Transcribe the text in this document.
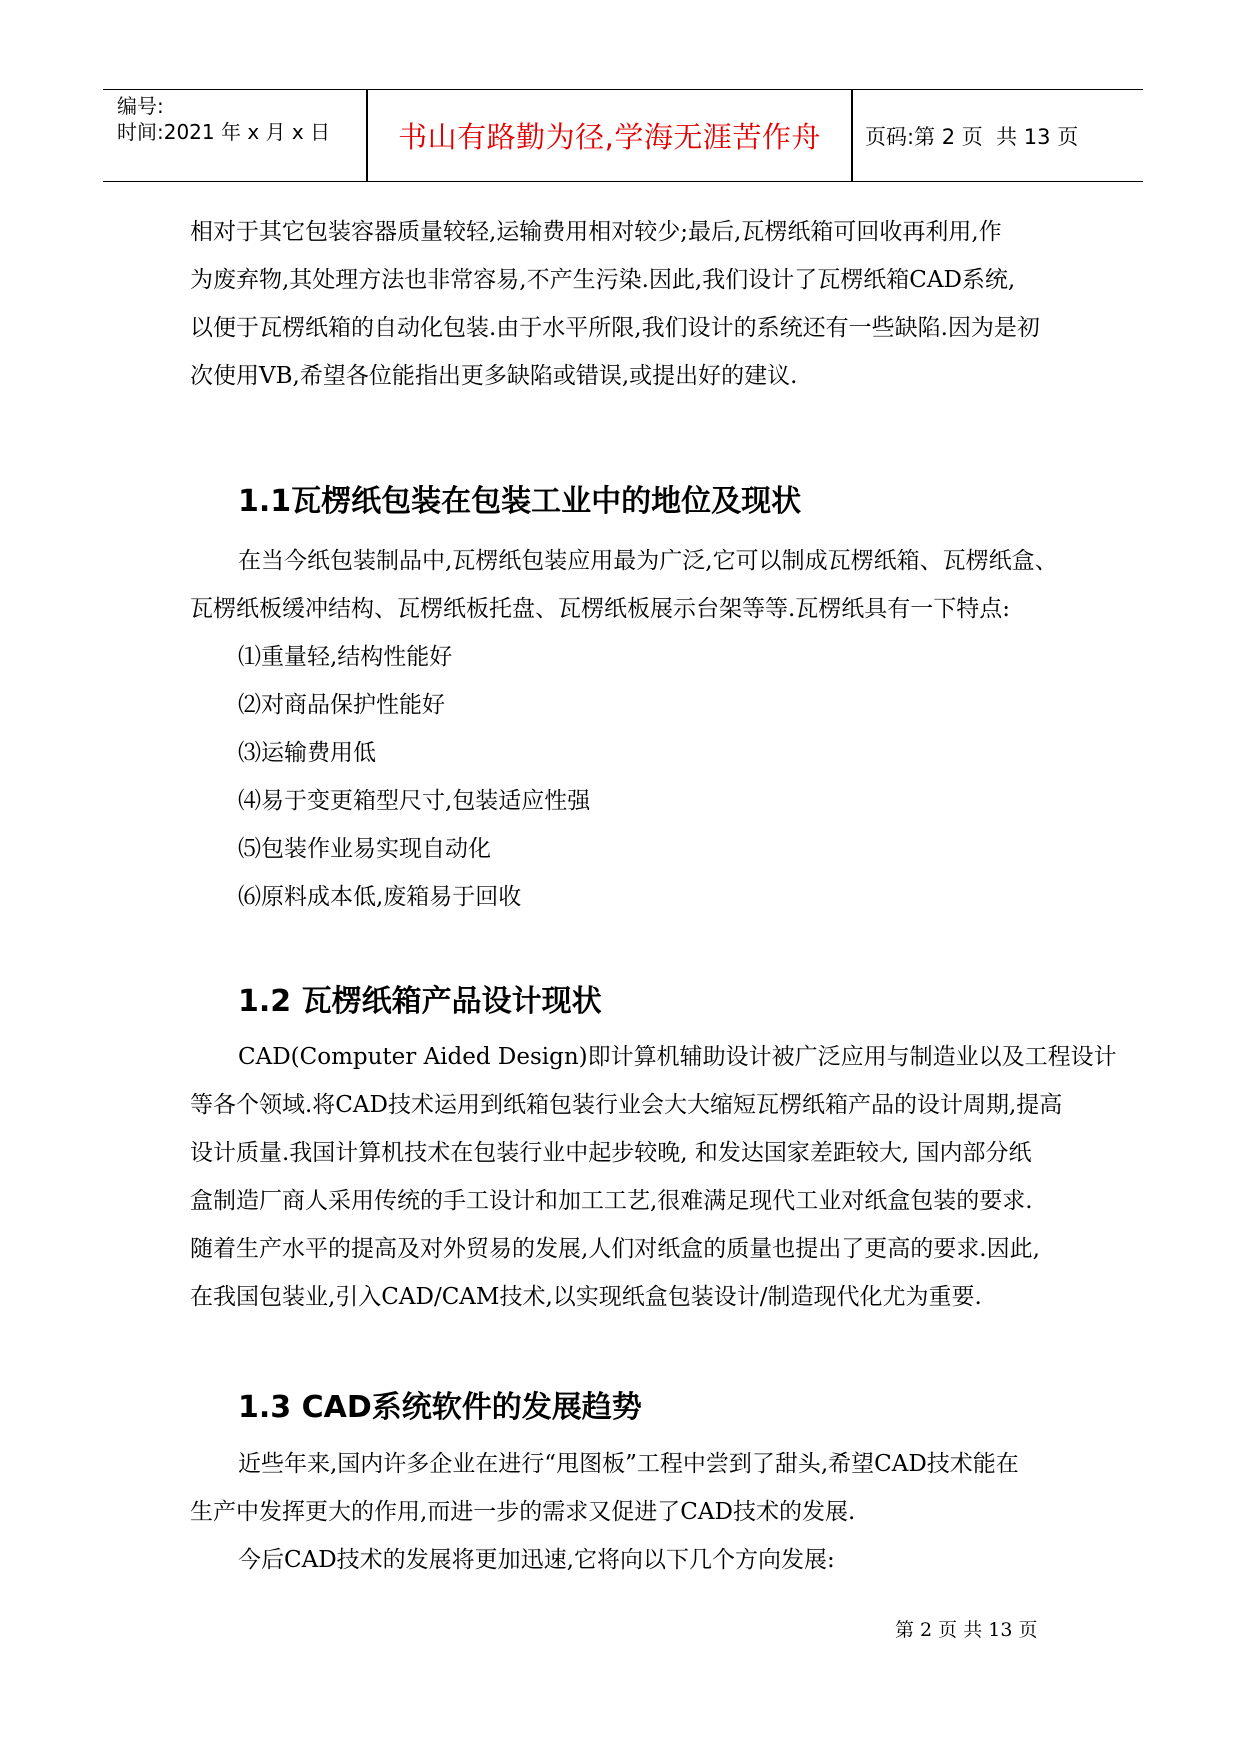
编号:
时间:2021 年 x 月 x 日	书山有路勤为径,学海无涯苦作舟	页码:第 2 页  共 13 页
相对于其它包装容器质量较轻,运输费用相对较少;最后,瓦楞纸箱可回收再利用,作
为废弃物,其处理方法也非常容易,不产生污染.因此,我们设计了瓦楞纸箱CAD系统,
以便于瓦楞纸箱的自动化包装.由于水平所限,我们设计的系统还有一些缺陷.因为是初
次使用VB,希望各位能指出更多缺陷或错误,或提出好的建议.
1.1瓦楞纸包装在包装工业中的地位及现状
在当今纸包装制品中,瓦楞纸包装应用最为广泛,它可以制成瓦楞纸箱、瓦楞纸盒、
瓦楞纸板缓冲结构、瓦楞纸板托盘、瓦楞纸板展示台架等等.瓦楞纸具有一下特点:
⑴重量轻,结构性能好
⑵对商品保护性能好
⑶运输费用低
⑷易于变更箱型尺寸,包装适应性强
⑸包装作业易实现自动化
⑹原料成本低,废箱易于回收
1.2 瓦楞纸箱产品设计现状
CAD(Computer Aided Design)即计算机辅助设计被广泛应用与制造业以及工程设计
等各个领域.将CAD技术运用到纸箱包装行业会大大缩短瓦楞纸箱产品的设计周期,提高
设计质量.我国计算机技术在包装行业中起步较晚, 和发达国家差距较大, 国内部分纸
盒制造厂商人采用传统的手工设计和加工工艺,很难满足现代工业对纸盒包装的要求.
随着生产水平的提高及对外贸易的发展,人们对纸盒的质量也提出了更高的要求.因此,
在我国包装业,引入CAD/CAM技术,以实现纸盒包装设计/制造现代化尤为重要.
1.3 CAD系统软件的发展趋势
近些年来,国内许多企业在进行“甩图板”工程中尝到了甜头,希望CAD技术能在
生产中发挥更大的作用,而进一步的需求又促进了CAD技术的发展.
今后CAD技术的发展将更加迅速,它将向以下几个方向发展:
第 2 页 共 13 页
